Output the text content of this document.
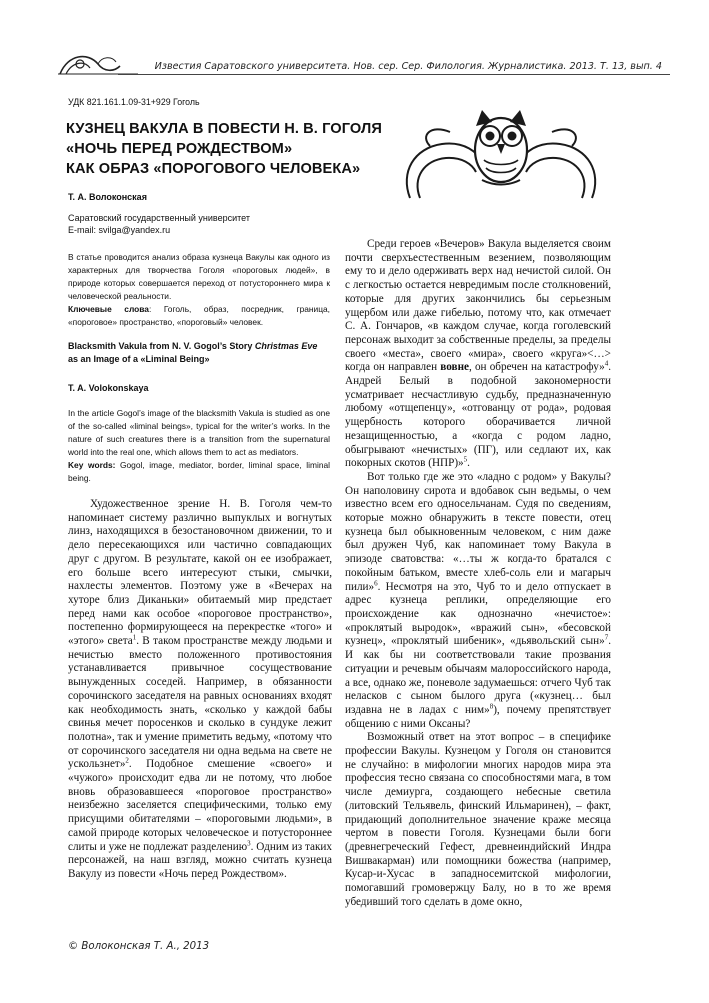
Известия Саратовского университета. Нов. сер. Сер. Филология. Журналистика. 2013. Т. 13, вып. 4
УДК 821.161.1.09-31+929 Гоголь
КУЗНЕЦ ВАКУЛА В ПОВЕСТИ Н. В. ГОГОЛЯ
«НОЧЬ ПЕРЕД РОЖДЕСТВОМ»
КАК ОБРАЗ «ПОРОГОВОГО ЧЕЛОВЕКА»
Т. А. Волоконская
Саратовский государственный университет
E-mail: svilga@yandex.ru
В статье проводится анализ образа кузнеца Вакулы как одного из характерных для творчества Гоголя «пороговых людей», в природе которых совершается переход от потустороннего мира к человеческой реальности.
Ключевые слова: Гоголь, образ, посредник, граница, «пороговое» пространство, «пороговый» человек.
Blacksmith Vakula from N. V. Gogol’s Story Christmas Eve
as an Image of a «Liminal Being»
T. A. Volokonskaya
In the article Gogol’s image of the blacksmith Vakula is studied as one of the so-called «liminal beings», typical for the writer’s works. In the nature of such creatures there is a transition from the supernatural world into the real one, which allows them to act as mediators.
Key words: Gogol, image, mediator, border, liminal space, liminal being.

Художественное зрение Н. В. Гоголя чем-то напоминает систему различно выпуклых и вогнутых линз, находящихся в безостановочном движении, то и дело пересекающихся или частично совпадающих друг с другом. В результате, какой он ее изображает, его больше всего интересуют стыки, смычки, нахлесты элементов. Поэтому уже в «Вечерах на хуторе близ Диканьки» обитаемый мир предстает перед нами как особое «пороговое пространство», постепенно формирующееся на перекрестке «того» и «этого» света$^1$. В таком пространстве между людьми и нечистью вместо положенного противостояния устанавливается привычное сосуществование вынужденных соседей. Например, в обязанности сорочинского заседателя на равных основаниях входят как необходимость знать, «сколько у каждой бабы свинья мечет поросенков и сколько в сундуке лежит полотна», так и умение приметить ведьму, «потому что от сорочинского заседателя ни одна ведьма на свете не ускользнет»$^2$. Подобное смешение «своего» и «чужого» происходит едва ли не потому, что любое вновь образовавшееся «пороговое пространство» неизбежно заселяется специфическими, только ему присущими обитателями – «пороговыми людьми», в самой природе которых человеческое и потустороннее слиты и уже не подлежат разделению$^3$. Одним из таких персонажей, на наш взгляд, можно считать кузнеца Вакулу из повести «Ночь перед Рождеством».

Среди героев «Вечеров» Вакула выделяется своим почти сверхъестественным везением, позволяющим ему то и дело одерживать верх над нечистой силой. Он с легкостью остается невредимым после столкновений, которые для других закончились бы серьезным ущербом или даже гибелью, потому что, как отмечает С. А. Гончаров, «в каждом случае, когда гоголевский персонаж выходит за собственные пределы, за пределы своего «места», своего «мира», своего «круга»<…> когда он направлен вовне, он обречен на катастрофу»$^4$. Андрей Белый в подобной закономерности усматривает несчастливую судьбу, предназначенную любому «отщепенцу», «отгованцу от рода», родовая ущербность которого оборачивается личной незащищенностью, а «когда с родом ладно, обыгрывают «нечистых» (ПГ), или седлают их, как покорных скотов (НПР)»$^5$.

Вот только где же это «ладно с родом» у Вакулы? Он наполовину сирота и вдобавок сын ведьмы, о чем известно всем его односельчанам. Судя по сведениям, которые можно обнаружить в тексте повести, отец кузнеца был обыкновенным человеком, с ним даже был дружен Чуб, как напоминает тому Вакула в эпизоде сватовства: «…ты ж когда-то братался с покойным батьком, вместе хлеб-соль ели и магарыч пили»$^6$. Несмотря на это, Чуб то и дело отпускает в адрес кузнеца реплики, определяющие его происхождение как однозначно «нечистое»: «проклятый выродок», «вражий сын», «бесовской кузнец», «проклятый шибеник», «дьявольский сын»$^7$. И как бы ни соответствовали такие прозвания ситуации и речевым обычаям малороссийского народа, а все, однако же, поневоле задумаешься: отчего Чуб так неласков с сыном былого друга («кузнец… был издавна не в ладах с ним»$^8$), почему препятствует общению с ними Оксаны?

Возможный ответ на этот вопрос – в специфике профессии Вакулы. Кузнецом у Гоголя он становится не случайно: в мифологии многих народов мира эта профессия тесно связана со способностями мага, в том числе демиурга, создающего небесные светила (литовский Тельявель, финский Ильмаринен), – факт, придающий дополнительное значение краже месяца чертом в повести Гоголя. Кузнецами были боги (древнегреческий Гефест, древнеиндийский Индра Вишвакарман) или помощники божества (например, Кусар-и-Хусас в западносемитской мифологии, помогавший громовержцу Балу, но в то же время убедивший того сделать в доме окно,

© Волоконская Т. А., 2013
